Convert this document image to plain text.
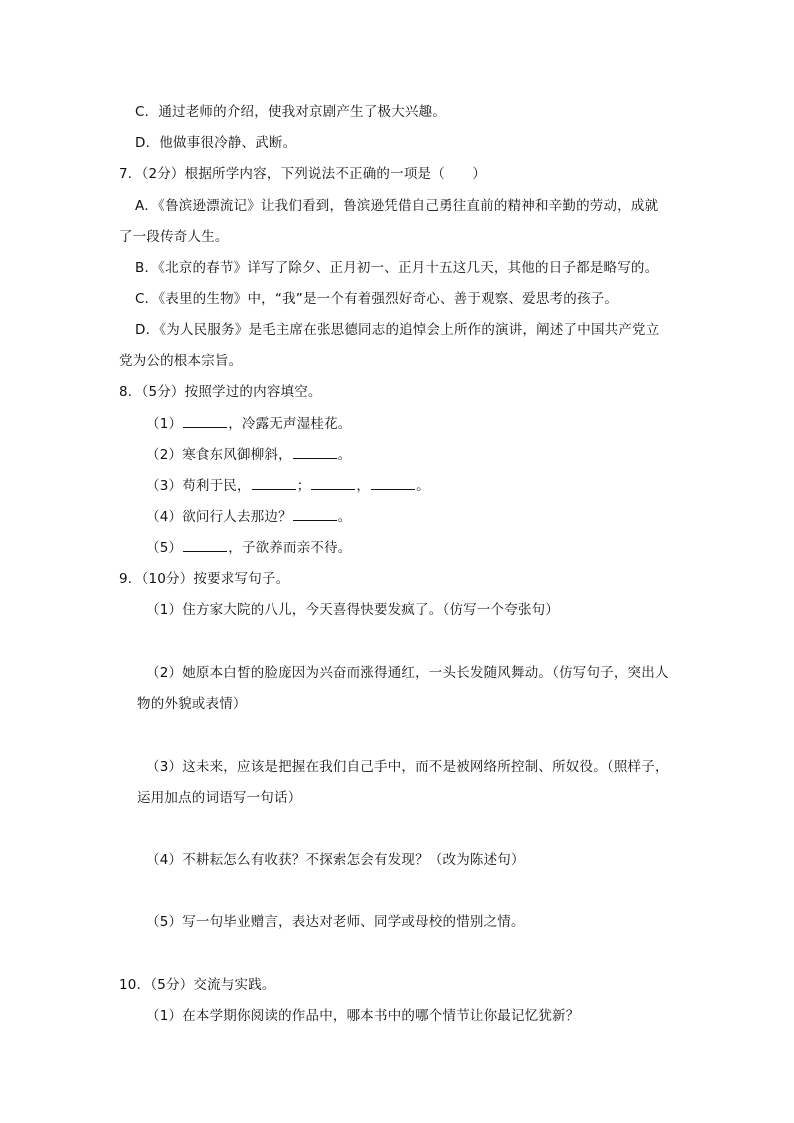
C．通过老师的介绍，使我对京剧产生了极大兴趣。
D．他做事很冷静、武断。
7．（2分）根据所学内容，下列说法不正确的一项是（　　）
A．《鲁滨逊漂流记》让我们看到，鲁滨逊凭借自己勇往直前的精神和辛勤的劳动，成就
了一段传奇人生。
B．《北京的春节》详写了除夕、正月初一、正月十五这几天，其他的日子都是略写的。
C．《表里的生物》中，“我”是一个有着强烈好奇心、善于观察、爱思考的孩子。
D．《为人民服务》是毛主席在张思德同志的追悼会上所作的演讲，阐述了中国共产党立
党为公的根本宗旨。
8．（5分）按照学过的内容填空。
（1）	，冷露无声湿桂花。
（2）寒食东风御柳斜，	。
（3）苟利于民，	；	，	。
（4）欲问行人去那边？	。
（5）	，子欲养而亲不待。
9．（10分）按要求写句子。
（1）住方家大院的八儿，今天喜得快要发疯了。（仿写一个夸张句）
（2）她原本白皙的脸庞因为兴奋而涨得通红，一头长发随风舞动。（仿写句子，突出人
物的外貌或表情）
（3）这未来，应该是把握在我们自己手中，而不是被网络所控制、所奴役。（照样子，
运用加点的词语写一句话）
（4）不耕耘怎么有收获？不探索怎会有发现？（改为陈述句）
（5）写一句毕业赠言，表达对老师、同学或母校的惜别之情。
10．（5分）交流与实践。
（1）在本学期你阅读的作品中，哪本书中的哪个情节让你最记忆犹新？
